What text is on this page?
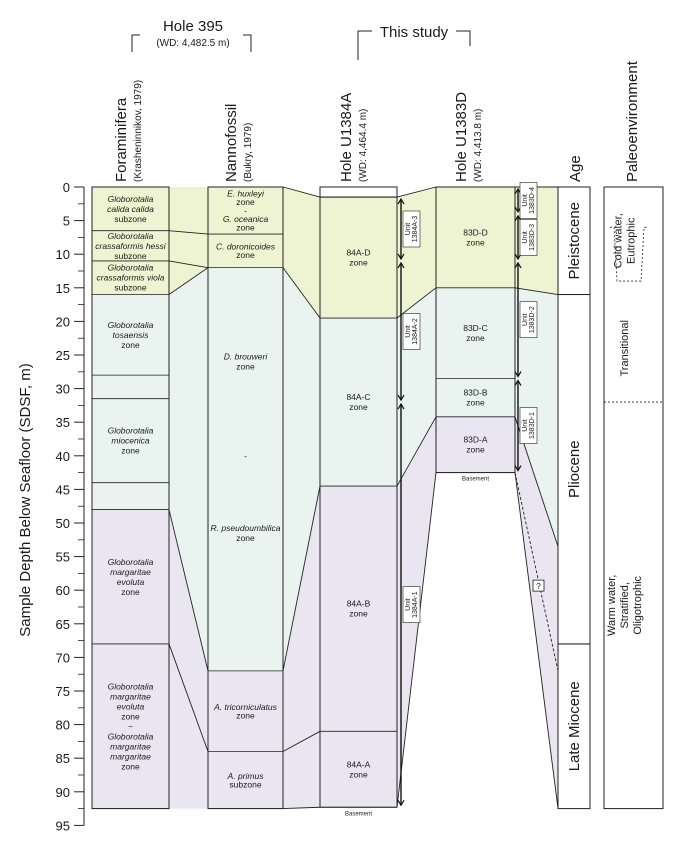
Pleistocene
Pliocene
Late Miocene
Cold water, Eutrophic
Transitional
Warm water, Stratified, Oligotrophic
Globorotalia
calida calida
subzone
Globorotalia
crassaformis hessi
subzone
Globorotalia
crassaformis viola
subzone
Globorotalia
tosaensis
zone
Globorotalia
miocenica
zone
Globorotalia
margaritae
evoluta
zone
Globorotalia
margaritae
evoluta
zone
~
Globorotalia
margaritae
margaritae
zone
E. huxleyi
zone
-
G. oceanica
zone
C. doronicoides
zone
D. brouweri
zone
-
R. pseudoumbilica
zone
A. tricorniculatus
zone
A. primus
subzone
84A-D
zone
84A-C
zone
84A-B
zone
84A-A
zone
83D-D
zone
83D-C
zone
83D-B
zone
83D-A
zone
Basement
Basement
Unit 1384A-3
Unit 1384A-2
Unit 1384A-1
Unit 1383D-4
Unit 1383D-3
Unit 1383D-2
Unit 1383D-1
?
Hole 395
(WD: 4,482.5 m)
This study
Foraminifera (Krasheninnikov, 1979)	Nannofossil (Bukry, 1979)	Hole U1384A (WD: 4,464.4 m)	Hole U1383D (WD: 4,413.8 m)	Age	Paleoenvironment
Sample Depth Below Seafloor (SDSF, m)
0
5
10
15
20
25
30
35
40
45
50
55
60
65
70
75
80
85
90
95
